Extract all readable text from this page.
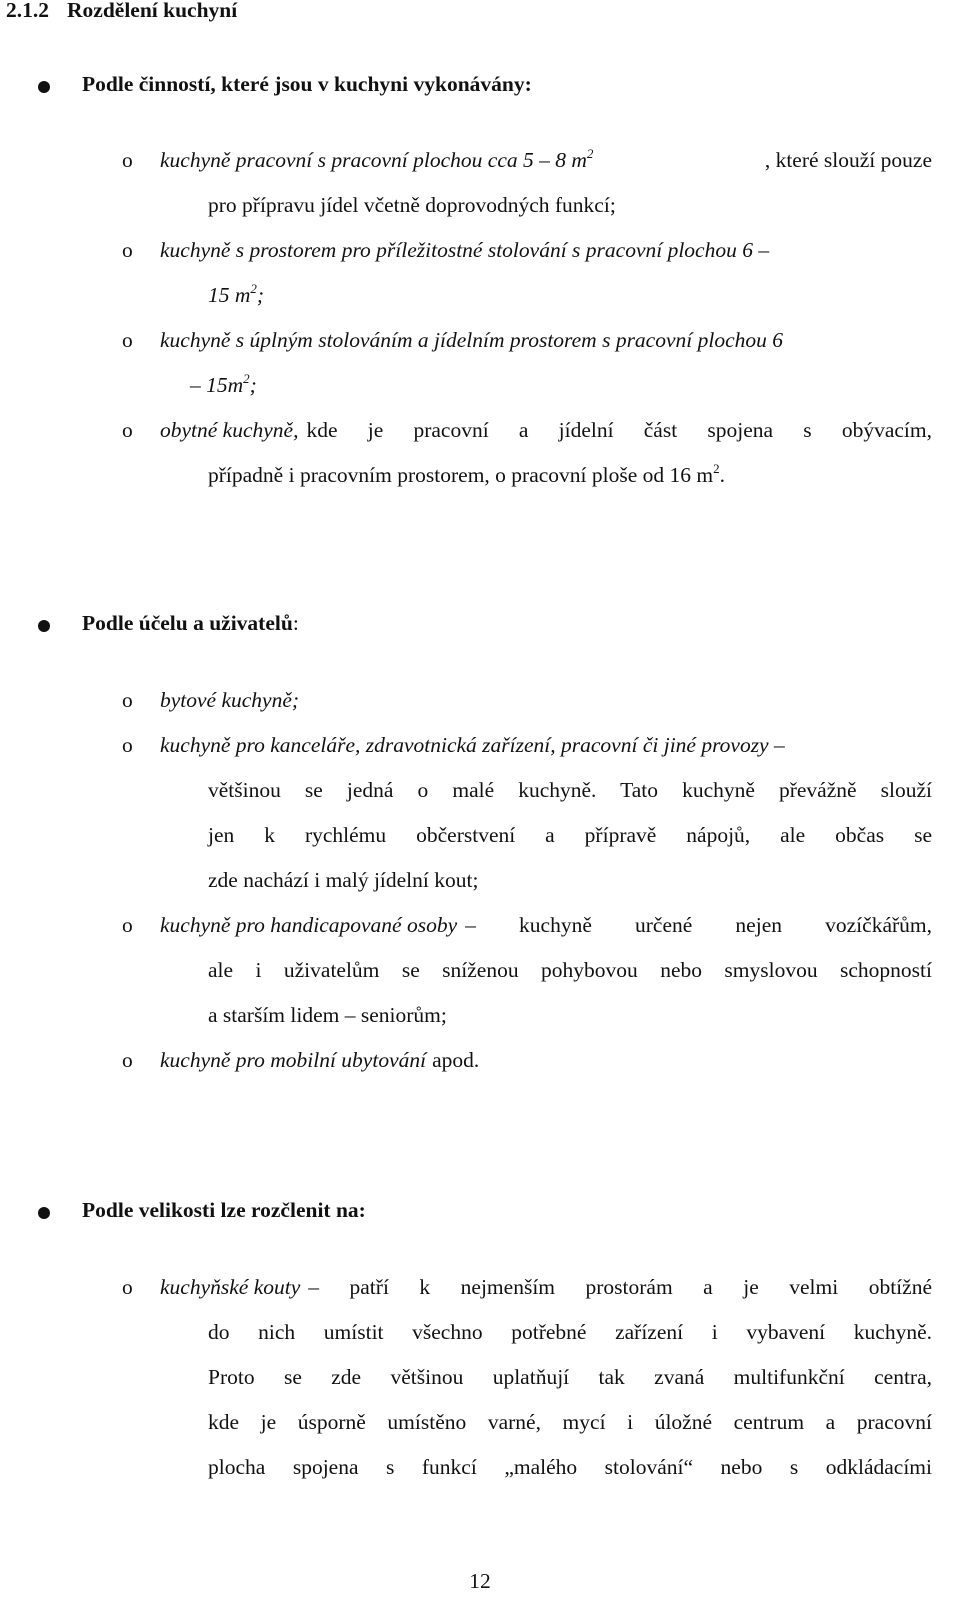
2.1.2 Rozdělení kuchyní
Podle činností, které jsou v kuchyni vykonávány:
o kuchyně pracovní s pracovní plochou cca 5 – 8 $m^2$	, které slouží pouze
pro přípravu jídel včetně doprovodných funkcí;
o kuchyně s prostorem pro příležitostné stolování s pracovní plochou 6 –
15 $m^2$;
o kuchyně s úplným stolováním a jídelním prostorem s pracovní plochou 6
– $15m^2$;
o obytné kuchyně, kde je pracovní a jídelní část spojena s obývacím,
případně i pracovním prostorem, o pracovní ploše od 16 $m^2$.
Podle účelu a uživatelů:
o bytové kuchyně;
o kuchyně pro kanceláře, zdravotnická zařízení, pracovní či jiné provozy –
většinou se jedná o malé kuchyně. Tato kuchyně převážně slouží
jen k rychlému občerstvení a přípravě nápojů, ale občas se
zde nachází i malý jídelní kout;
o kuchyně pro handicapované osoby – kuchyně určené nejen vozíčkářům,
ale i uživatelům se sníženou pohybovou nebo smyslovou schopností
a starším lidem – seniorům;
o kuchyně pro mobilní ubytování apod.
Podle velikosti lze rozčlenit na:
o kuchyňské kouty – patří k nejmenším prostorám a je velmi obtížné
do nich umístit všechno potřebné zařízení i vybavení kuchyně.
Proto se zde většinou uplatňují tak zvaná multifunkční centra,
kde je úsporně umístěno varné, mycí i úložné centrum a pracovní
plocha spojena s funkcí „malého stolování“ nebo s odkládacími
12
